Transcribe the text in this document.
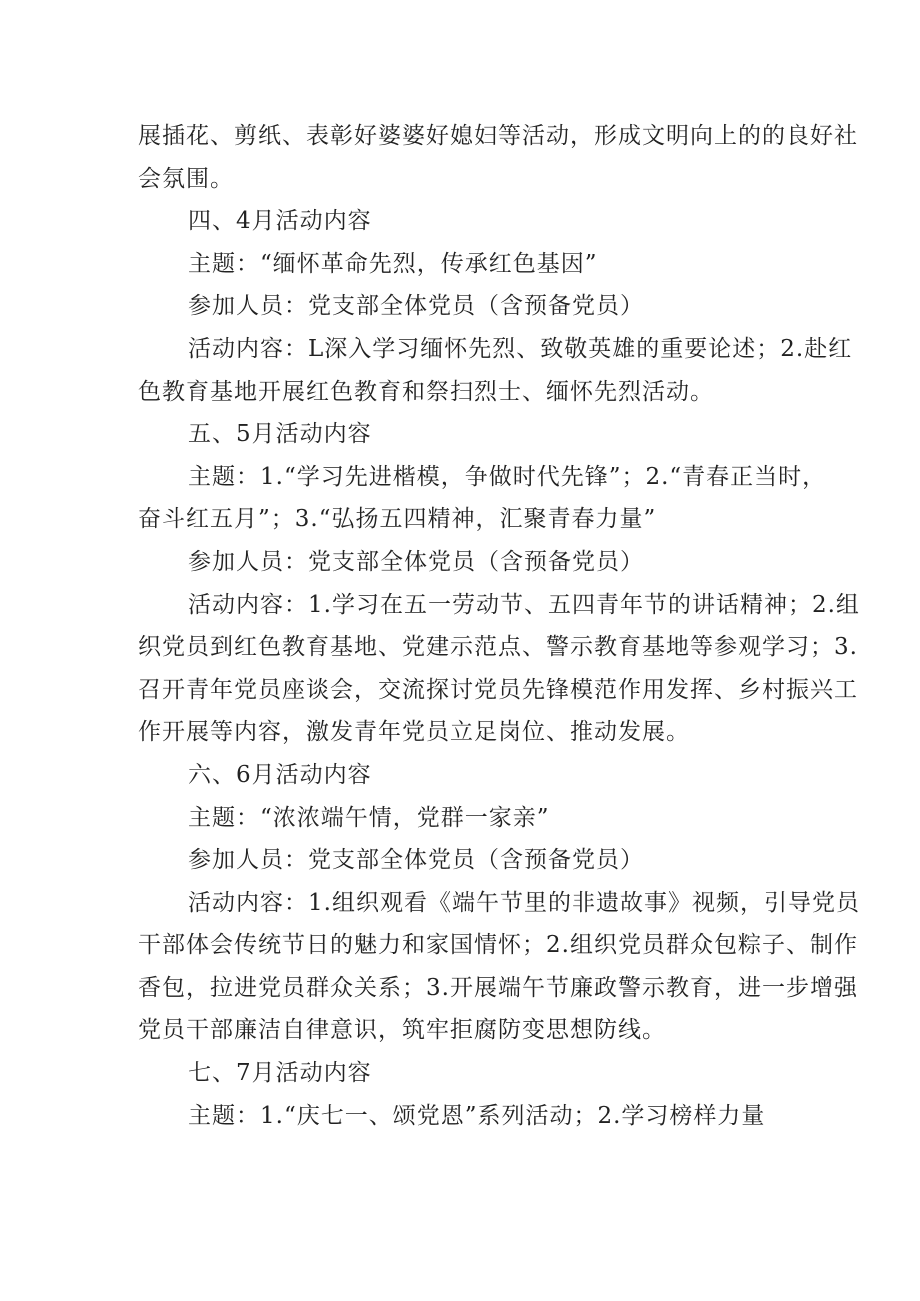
展插花、剪纸、表彰好婆婆好媳妇等活动，形成文明向上的的良好社

会氛围。

四、4月活动内容

主题：“缅怀革命先烈，传承红色基因”

参加人员：党支部全体党员（含预备党员）

活动内容：L深入学习缅怀先烈、致敬英雄的重要论述；2.赴红

色教育基地开展红色教育和祭扫烈士、缅怀先烈活动。

五、5月活动内容

主题：1.“学习先进楷模，争做时代先锋”；2.“青春正当时，

奋斗红五月”；3.“弘扬五四精神，汇聚青春力量”

参加人员：党支部全体党员（含预备党员）

活动内容：1.学习在五一劳动节、五四青年节的讲话精神；2.组

织党员到红色教育基地、党建示范点、警示教育基地等参观学习；3.

召开青年党员座谈会，交流探讨党员先锋模范作用发挥、乡村振兴工

作开展等内容，激发青年党员立足岗位、推动发展。

六、6月活动内容

主题：“浓浓端午情，党群一家亲”

参加人员：党支部全体党员（含预备党员）

活动内容：1.组织观看《端午节里的非遗故事》视频，引导党员

干部体会传统节日的魅力和家国情怀；2.组织党员群众包粽子、制作

香包，拉进党员群众关系；3.开展端午节廉政警示教育，进一步增强

党员干部廉洁自律意识，筑牢拒腐防变思想防线。

七、7月活动内容

主题：1.“庆七一、颂党恩”系列活动；2.学习榜样力量
